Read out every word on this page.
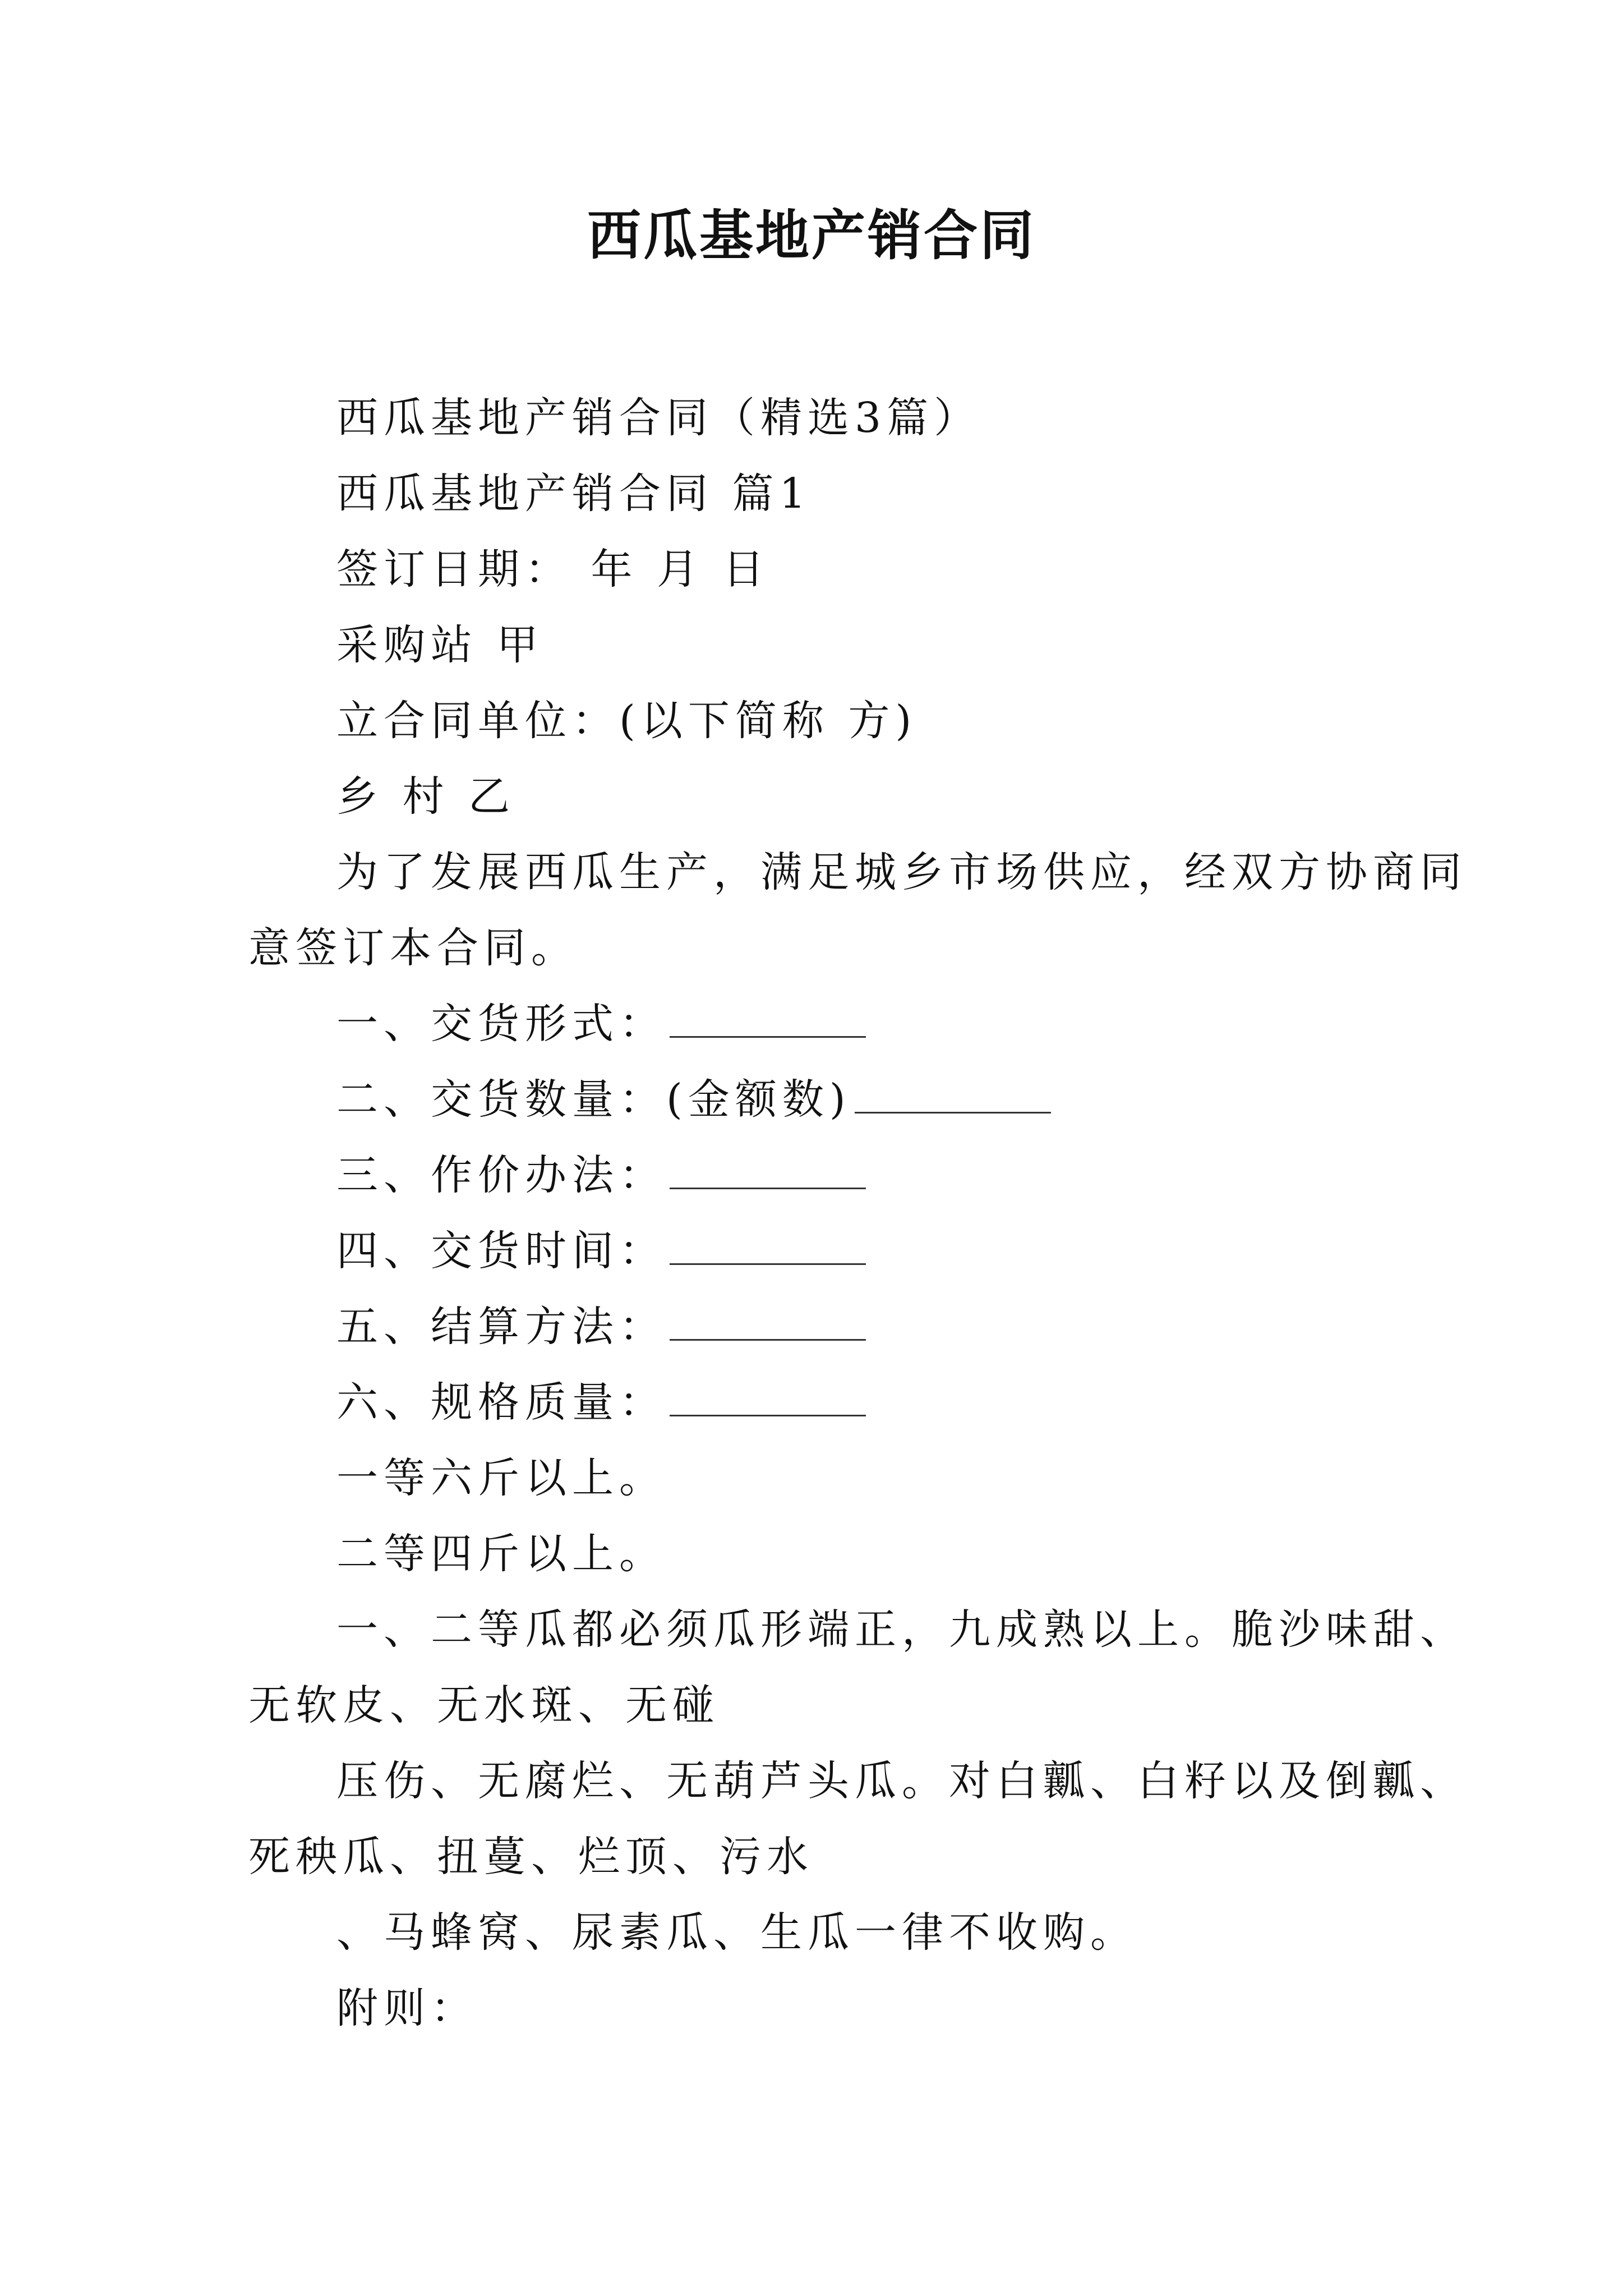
西瓜基地产销合同
西瓜基地产销合同（精选3篇）
西瓜基地产销合同 篇1
签订日期： 年 月 日
采购站 甲
立合同单位：(以下简称 方)
乡 村 乙
为了发展西瓜生产，满足城乡市场供应，经双方协商同
意签订本合同。
一、交货形式：
二、交货数量：(金额数)
三、作价办法：
四、交货时间：
五、结算方法：
六、规格质量：
一等六斤以上。
二等四斤以上。
一、二等瓜都必须瓜形端正，九成熟以上。脆沙味甜、
无软皮、无水斑、无碰
压伤、无腐烂、无葫芦头瓜。对白瓤、白籽以及倒瓤、
死秧瓜、扭蔓、烂顶、污水
、马蜂窝、尿素瓜、生瓜一律不收购。
附则：
